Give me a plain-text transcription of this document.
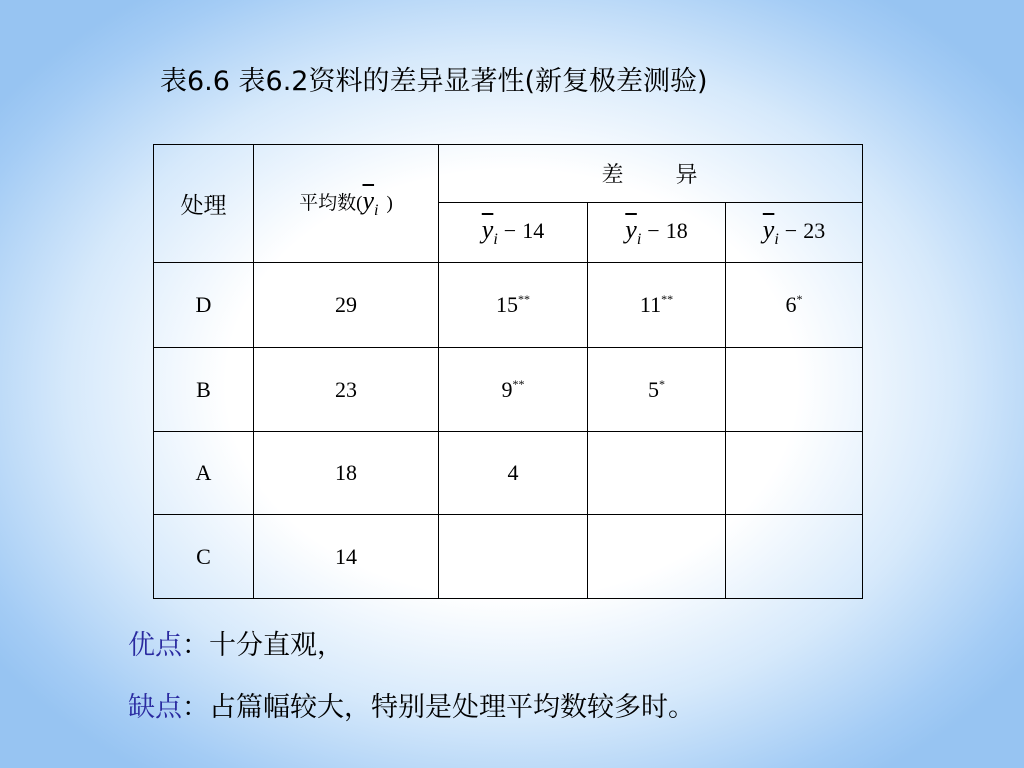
表6.6 表6.2资料的差异显著性(新复极差测验)
处理	平均数($\overline{y}_i$ )	差 异		
		$\overline{y}_i - 14$	$\overline{y}_i - 18$	$\overline{y}_i - 23$
D	29	15**	11**	6*
B	23	9**	5*	
A	18	4		
C	14			
优点：十分直观，
缺点：占篇幅较大，特别是处理平均数较多时。
